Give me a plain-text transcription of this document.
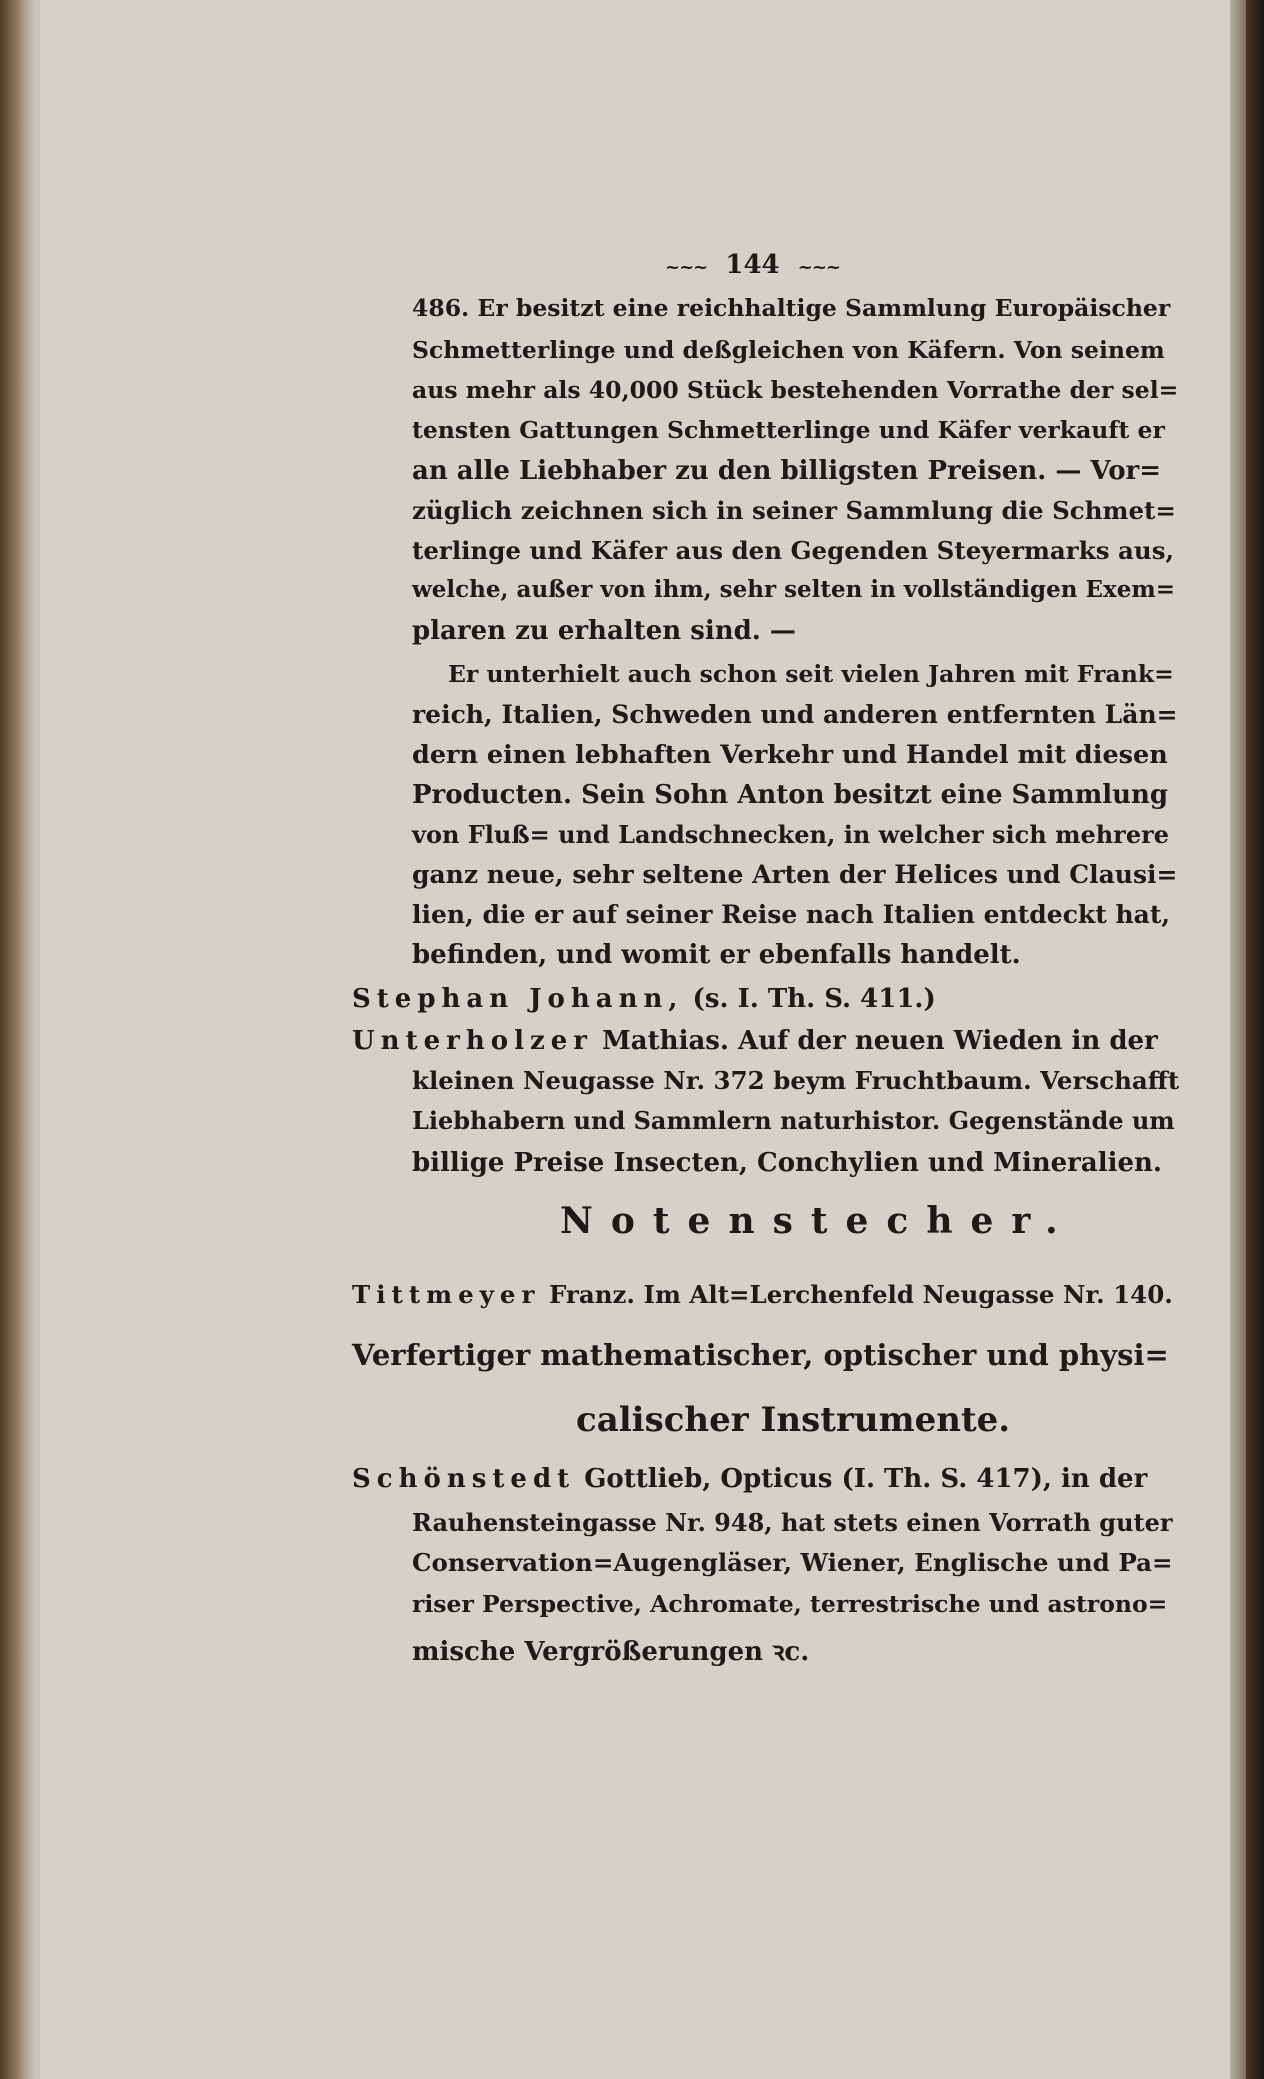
~~~ 144 ~~~
486. Er besitzt eine reichhaltige Sammlung Europäischer
Schmetterlinge und deßgleichen von Käfern. Von seinem
aus mehr als 40,000 Stück bestehenden Vorrathe der sel=
tensten Gattungen Schmetterlinge und Käfer verkauft er
an alle Liebhaber zu den billigsten Preisen. — Vor=
züglich zeichnen sich in seiner Sammlung die Schmet=
terlinge und Käfer aus den Gegenden Steyermarks aus,
welche, außer von ihm, sehr selten in vollständigen Exem=
plaren zu erhalten sind. —
Er unterhielt auch schon seit vielen Jahren mit Frank=
reich, Italien, Schweden und anderen entfernten Län=
dern einen lebhaften Verkehr und Handel mit diesen
Producten. Sein Sohn Anton besitzt eine Sammlung
von Fluß= und Landschnecken, in welcher sich mehrere
ganz neue, sehr seltene Arten der Helices und Clausi=
lien, die er auf seiner Reise nach Italien entdeckt hat,
befinden, und womit er ebenfalls handelt.
Stephan Johann, (s. I. Th. S. 411.)
Unterholzer Mathias. Auf der neuen Wieden in der
kleinen Neugasse Nr. 372 beym Fruchtbaum. Verschafft
Liebhabern und Sammlern naturhistor. Gegenstände um
billige Preise Insecten, Conchylien und Mineralien.
Notenstecher.
Tittmeyer Franz. Im Alt=Lerchenfeld Neugasse Nr. 140.
Verfertiger mathematischer, optischer und physi=
calischer Instrumente.
Schönstedt Gottlieb, Opticus (I. Th. S. 417), in der
Rauhensteingasse Nr. 948, hat stets einen Vorrath guter
Conservation=Augengläser, Wiener, Englische und Pa=
riser Perspective, Achromate, terrestrische und astrono=
mische Vergrößerungen ꝛc.
